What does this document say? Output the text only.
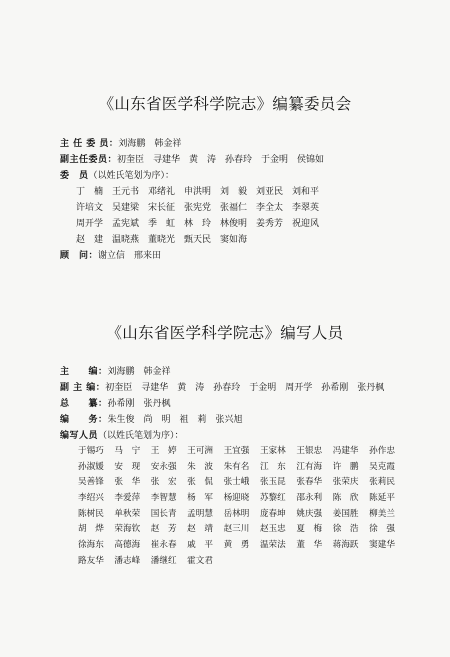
《山东省医学科学院志》编纂委员会
主 任 委 员：刘海鹏　韩金祥
副主任委员：初奎臣　寻建华　黄　涛　孙春玲　于金明　侯锦如
委　员（以姓氏笔划为序）：
丁　楠　王元书　邓绪礼　申洪明　刘　毅　刘亚民　刘和平
许培文　吴建梁　宋长征　张宪党　张福仁　李全太　李翠英
周开学　孟宪斌　季　虹　林　玲　林俊明　姜秀芳　祝迎风
赵　建　温晓燕　董晓光　甄天民　窦如海
顾　问：谢立信　邢来田
《山东省医学科学院志》编写人员
主　　编：刘海鹏　韩金祥
副 主 编：初奎臣　寻建华　黄　涛　孙春玲　于金明　周开学　孙希刚　张丹枫
总　　纂：孙希刚　张丹枫
编　　务：朱生俊　尚　明　祖　莉　张兴旭
编写人员（以姓氏笔划为序）：
于锡巧 马　宁 王　婷 王可洲 王宜强 王家林 王银忠 冯建华 孙作忠
孙淑媛 安　现 安永强 朱　波 朱有名 江　东 江有海 许　鹏 吴克霞
吴善锋 张　华 张　宏 张　侃 张士峨 张玉昆 张春华 张荣庆 张莉民
李绍兴 李爱萍 李智慧 杨　军 杨迎晓 苏黎红 邵永利 陈　欣 陈延平
陈树民 单秋荣 国长青 孟明慧 岳林明 庞春坤 姚庆强 姜国胜 柳美兰
胡　烨 荣海钦 赵　芳 赵　靖 赵三川 赵玉忠 夏　梅 徐　浩 徐　强
徐海东 高德海 崔永春 戚　平 黄　勇 温荣法 董　华 蒋海跃 窦建华
路友华 潘志峰 潘继红 霍文君
